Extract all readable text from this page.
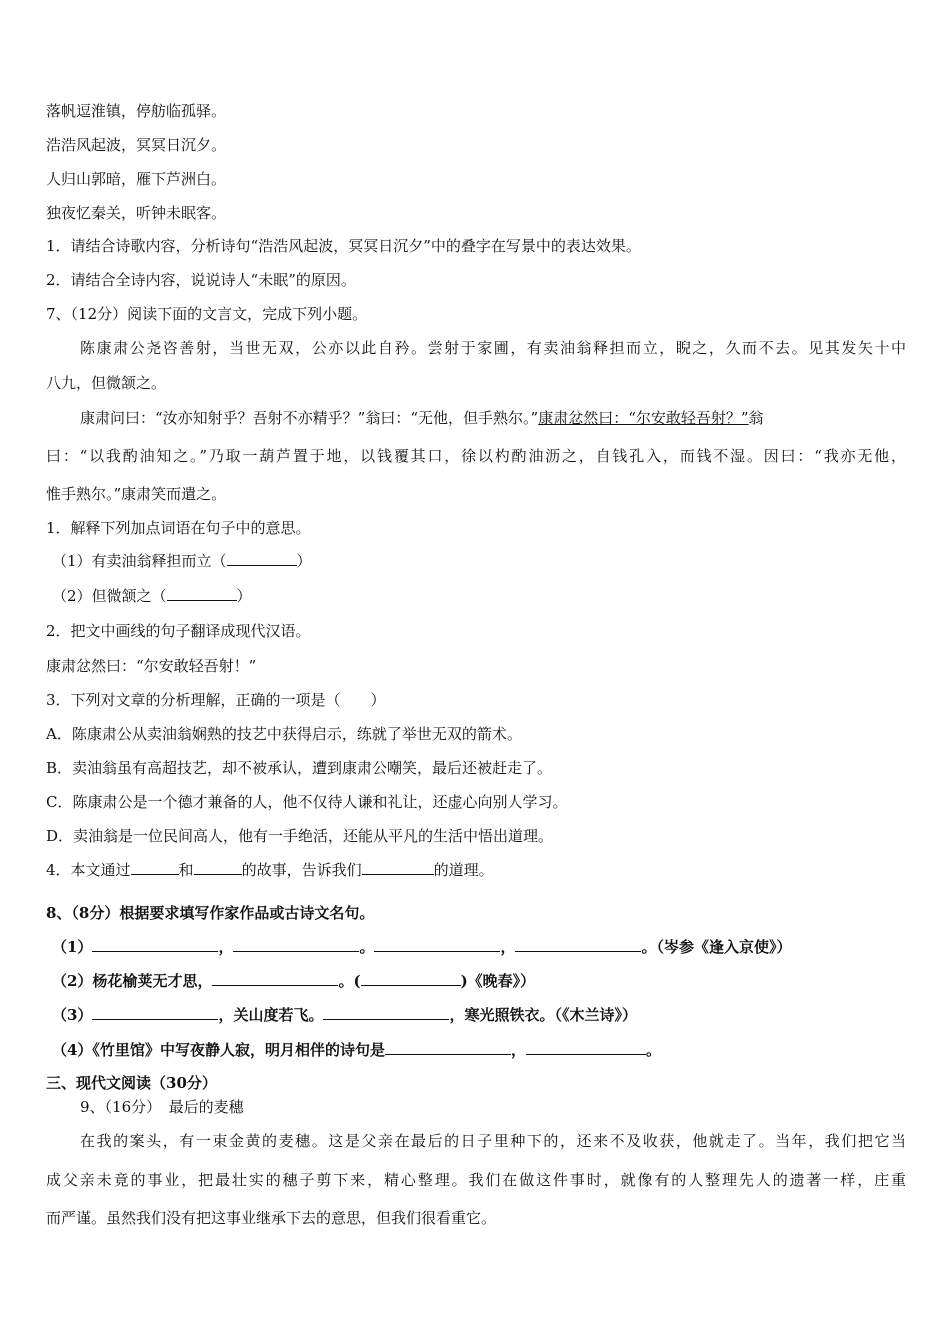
落帆逗淮镇，停舫临孤驿。
浩浩风起波，冥冥日沉夕。
人归山郭暗，雁下芦洲白。
独夜忆秦关，听钟未眠客。
1．请结合诗歌内容，分析诗句“浩浩风起波，冥冥日沉夕”中的叠字在写景中的表达效果。
2．请结合全诗内容，说说诗人“未眠”的原因。
7、（12分）阅读下面的文言文，完成下列小题。
陈康肃公尧咨善射，当世无双，公亦以此自矜。尝射于家圃，有卖油翁释担而立，睨之，久而不去。见其发矢十中
八九，但微颔之。
康肃问曰：“汝亦知射乎？吾射不亦精乎？”翁曰：“无他，但手熟尔。”康肃忿然曰：“尔安敢轻吾射？”翁
曰：“以我酌油知之。”乃取一葫芦置于地，以钱覆其口，徐以杓酌油沥之，自钱孔入，而钱不湿。因曰：“我亦无他，
惟手熟尔。”康肃笑而遣之。
1．解释下列加点词语在句子中的意思。
（1）有卖油翁释担而立（	）
（2）但微颔之（	）
2．把文中画线的句子翻译成现代汉语。
康肃忿然曰：“尔安敢轻吾射！”
3．下列对文章的分析理解，正确的一项是（　　）
A．陈康肃公从卖油翁娴熟的技艺中获得启示，练就了举世无双的箭术。
B．卖油翁虽有高超技艺，却不被承认，遭到康肃公嘲笑，最后还被赶走了。
C．陈康肃公是一个德才兼备的人，他不仅待人谦和礼让，还虚心向别人学习。
D．卖油翁是一位民间高人，他有一手绝活，还能从平凡的生活中悟出道理。
4．本文通过	和	的故事，告诉我们	的道理。
8、（8分）根据要求填写作家作品或古诗文名句。
（1）	，	。	，	。（岑参《逢入京使》）
（2）杨花榆荚无才思，	。(	)《晚春》）
（3）	，关山度若飞。	，寒光照铁衣。（《木兰诗》）
（4）《竹里馆》中写夜静人寂，明月相伴的诗句是	，	。
三、现代文阅读（30分）
9、（16分）　最后的麦穗
在我的案头，有一束金黄的麦穗。这是父亲在最后的日子里种下的，还来不及收获，他就走了。当年，我们把它当
成父亲未竟的事业，把最壮实的穗子剪下来，精心整理。我们在做这件事时，就像有的人整理先人的遗著一样，庄重
而严谨。虽然我们没有把这事业继承下去的意思，但我们很看重它。
